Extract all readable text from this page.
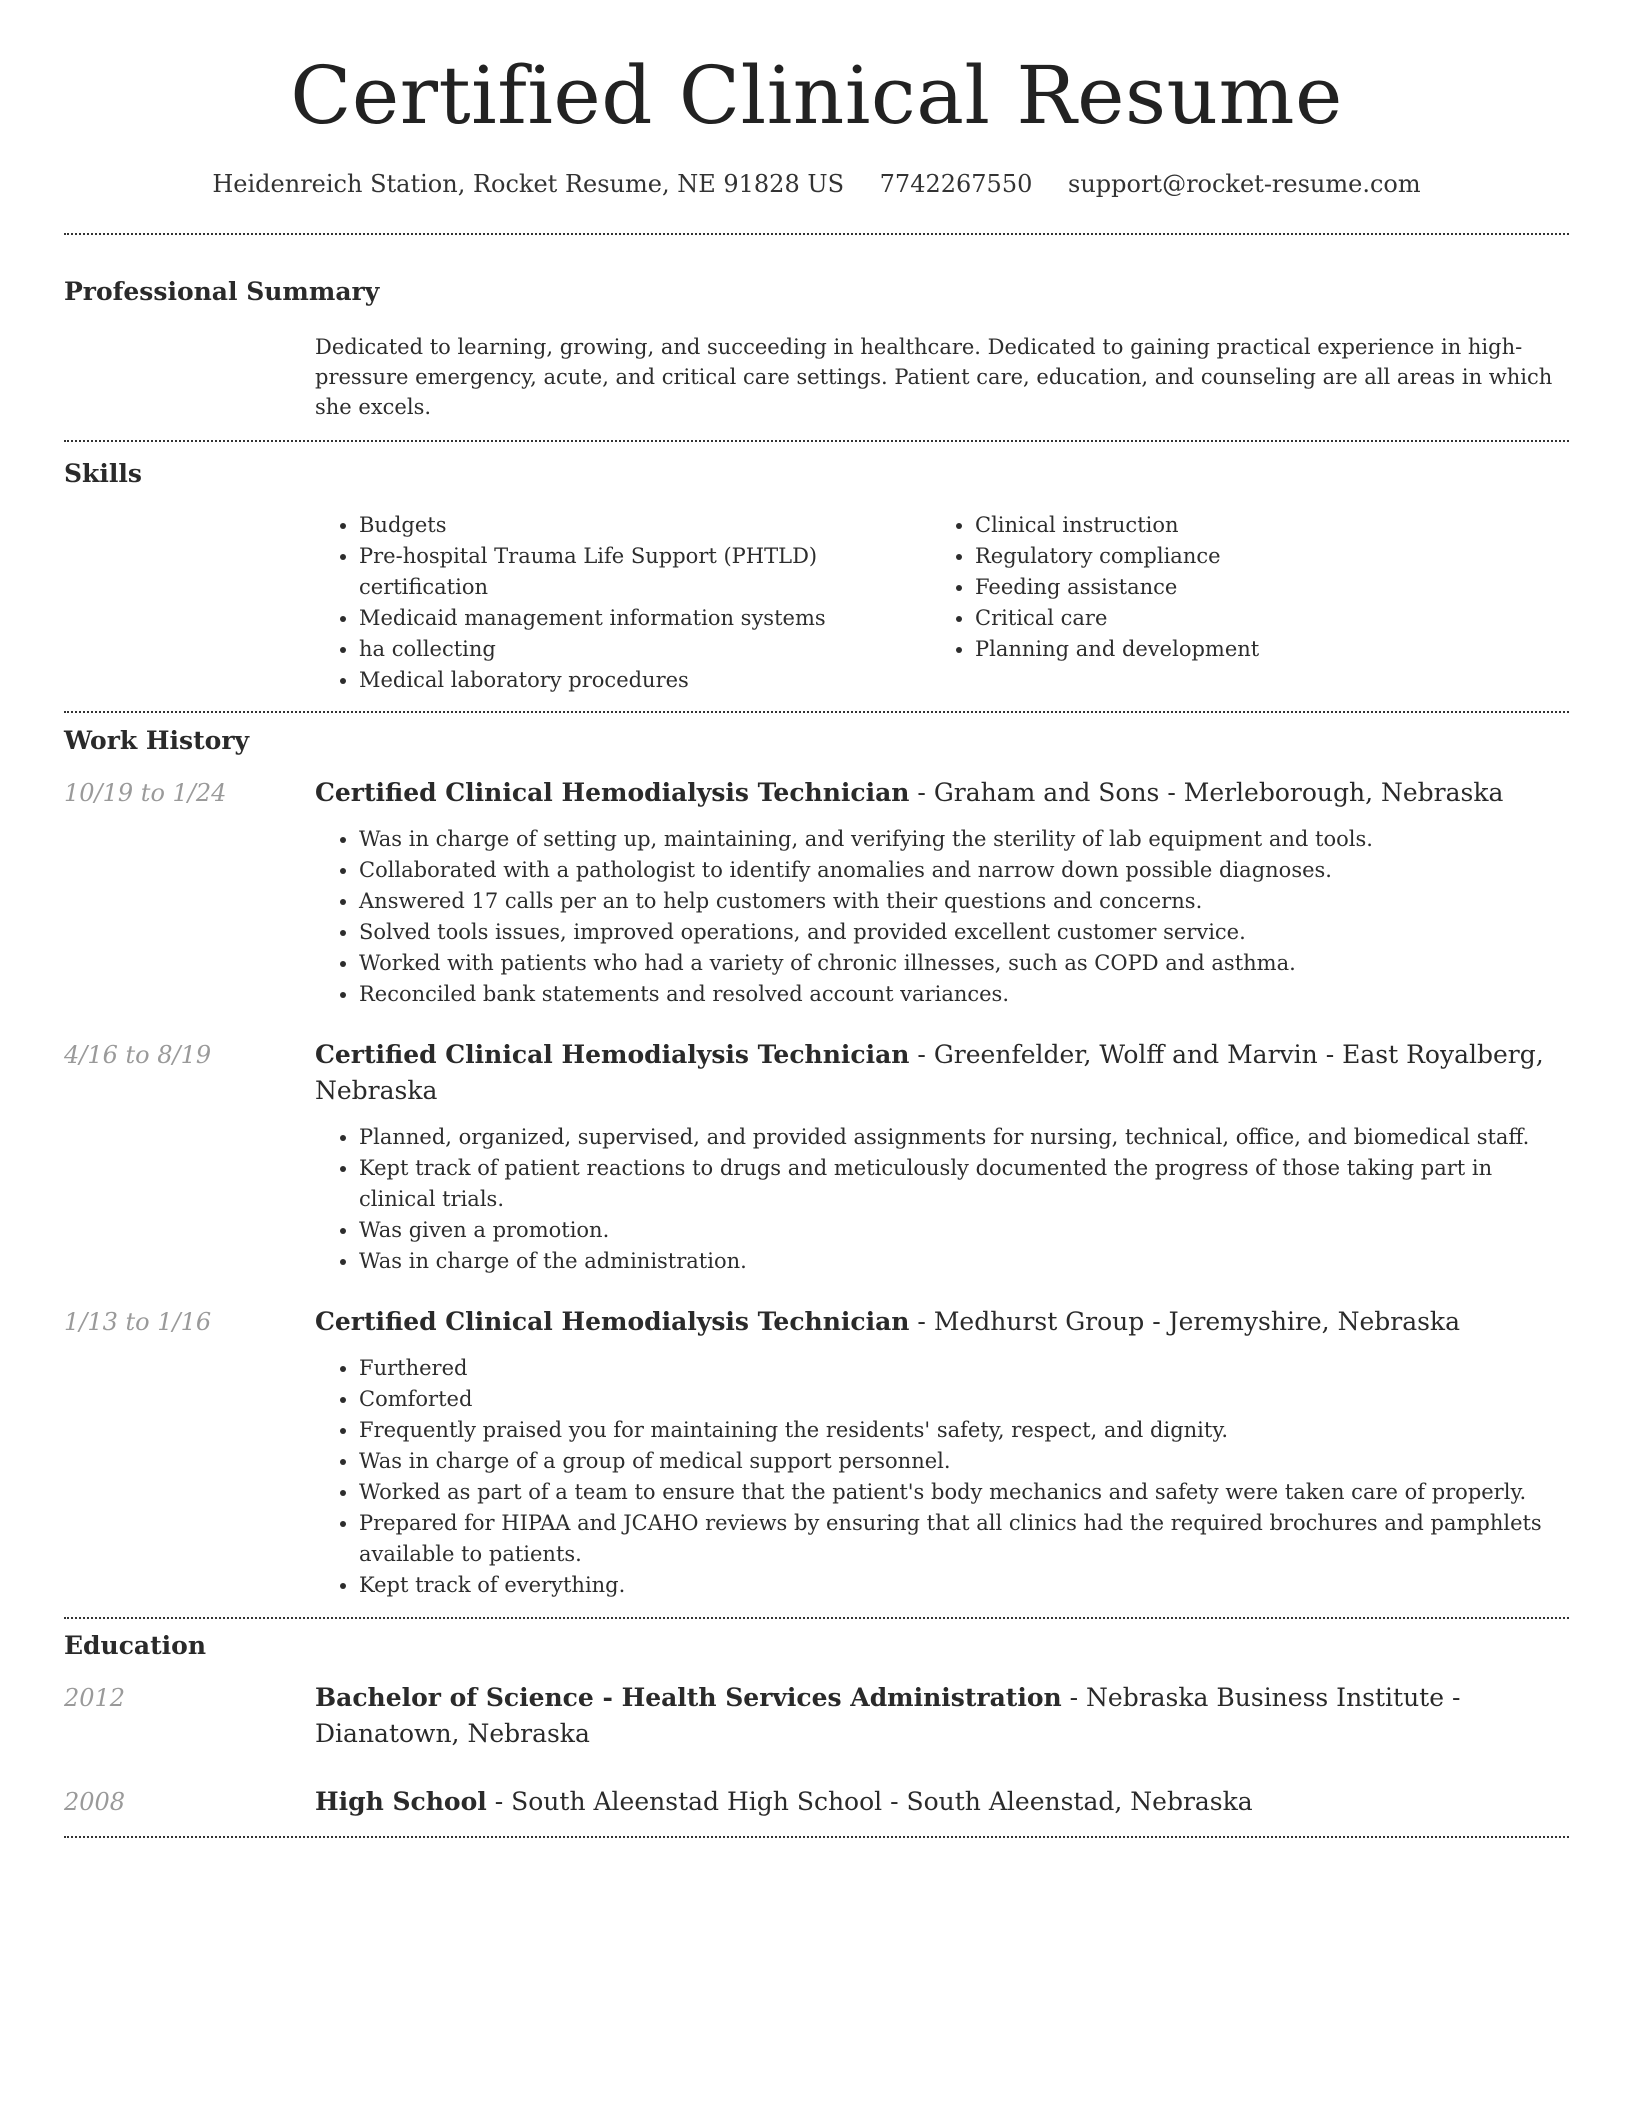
Certified Clinical Resume
Heidenreich Station, Rocket Resume, NE 91828 US 7742267550 support@rocket-resume.com
Professional Summary

Dedicated to learning, growing, and succeeding in healthcare. Dedicated to gaining practical experience in high-pressure emergency, acute, and critical care settings. Patient care, education, and counseling are all areas in which she excels.

Skills
• Budgets
• Pre-hospital Trauma Life Support (PHTLD) certification
• Medicaid management information systems
• ha collecting
• Medical laboratory procedures
• Clinical instruction
• Regulatory compliance
• Feeding assistance
• Critical care
• Planning and development
Work History
10/19 to 1/24	Certified Clinical Hemodialysis Technician - Graham and Sons - Merleborough, Nebraska

• Was in charge of setting up, maintaining, and verifying the sterility of lab equipment and tools.
• Collaborated with a pathologist to identify anomalies and narrow down possible diagnoses.
• Answered 17 calls per an to help customers with their questions and concerns.
• Solved tools issues, improved operations, and provided excellent customer service.
• Worked with patients who had a variety of chronic illnesses, such as COPD and asthma.
• Reconciled bank statements and resolved account variances.
4/16 to 8/19	Certified Clinical Hemodialysis Technician - Greenfelder, Wolff and Marvin - East Royalberg, Nebraska

• Planned, organized, supervised, and provided assignments for nursing, technical, office, and biomedical staff.
• Kept track of patient reactions to drugs and meticulously documented the progress of those taking part in clinical trials.
• Was given a promotion.
• Was in charge of the administration.
1/13 to 1/16	Certified Clinical Hemodialysis Technician - Medhurst Group - Jeremyshire, Nebraska

• Furthered
• Comforted
• Frequently praised you for maintaining the residents' safety, respect, and dignity.
• Was in charge of a group of medical support personnel.
• Worked as part of a team to ensure that the patient's body mechanics and safety were taken care of properly.
• Prepared for HIPAA and JCAHO reviews by ensuring that all clinics had the required brochures and pamphlets available to patients.
• Kept track of everything.
Education
2012	Bachelor of Science - Health Services Administration - Nebraska Business Institute - Dianatown, Nebraska

2008	High School - South Aleenstad High School - South Aleenstad, Nebraska
